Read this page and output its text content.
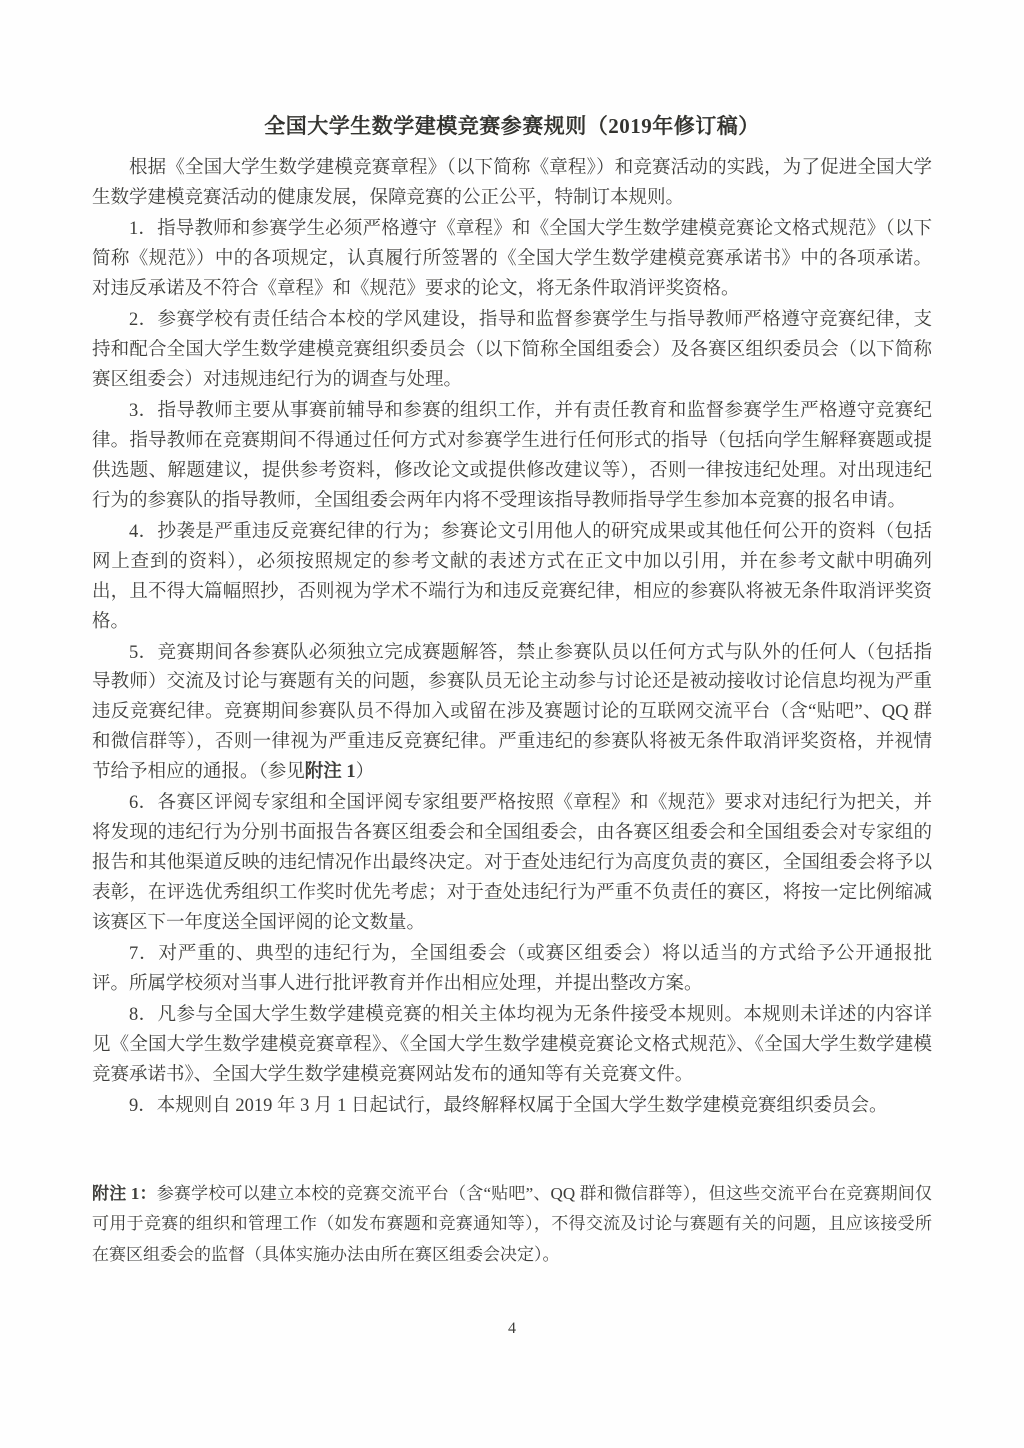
全国大学生数学建模竞赛参赛规则（2019年修订稿）

根据《全国大学生数学建模竞赛章程》（以下简称《章程》）和竞赛活动的实践，为了促进全国大学生数学建模竞赛活动的健康发展，保障竞赛的公正公平，特制订本规则。

1．指导教师和参赛学生必须严格遵守《章程》和《全国大学生数学建模竞赛论文格式规范》（以下简称《规范》）中的各项规定，认真履行所签署的《全国大学生数学建模竞赛承诺书》中的各项承诺。对违反承诺及不符合《章程》和《规范》要求的论文，将无条件取消评奖资格。

2．参赛学校有责任结合本校的学风建设，指导和监督参赛学生与指导教师严格遵守竞赛纪律，支持和配合全国大学生数学建模竞赛组织委员会（以下简称全国组委会）及各赛区组织委员会（以下简称赛区组委会）对违规违纪行为的调查与处理。

3．指导教师主要从事赛前辅导和参赛的组织工作，并有责任教育和监督参赛学生严格遵守竞赛纪律。指导教师在竞赛期间不得通过任何方式对参赛学生进行任何形式的指导（包括向学生解释赛题或提供选题、解题建议，提供参考资料，修改论文或提供修改建议等），否则一律按违纪处理。对出现违纪行为的参赛队的指导教师，全国组委会两年内将不受理该指导教师指导学生参加本竞赛的报名申请。

4．抄袭是严重违反竞赛纪律的行为；参赛论文引用他人的研究成果或其他任何公开的资料（包括网上查到的资料），必须按照规定的参考文献的表述方式在正文中加以引用，并在参考文献中明确列出，且不得大篇幅照抄，否则视为学术不端行为和违反竞赛纪律，相应的参赛队将被无条件取消评奖资格。

5．竞赛期间各参赛队必须独立完成赛题解答，禁止参赛队员以任何方式与队外的任何人（包括指导教师）交流及讨论与赛题有关的问题，参赛队员无论主动参与讨论还是被动接收讨论信息均视为严重违反竞赛纪律。竞赛期间参赛队员不得加入或留在涉及赛题讨论的互联网交流平台（含“贴吧”、QQ 群和微信群等），否则一律视为严重违反竞赛纪律。严重违纪的参赛队将被无条件取消评奖资格，并视情节给予相应的通报。（参见附注 1）

6．各赛区评阅专家组和全国评阅专家组要严格按照《章程》和《规范》要求对违纪行为把关，并将发现的违纪行为分别书面报告各赛区组委会和全国组委会，由各赛区组委会和全国组委会对专家组的报告和其他渠道反映的违纪情况作出最终决定。对于查处违纪行为高度负责的赛区，全国组委会将予以表彰，在评选优秀组织工作奖时优先考虑；对于查处违纪行为严重不负责任的赛区，将按一定比例缩减该赛区下一年度送全国评阅的论文数量。

7．对严重的、典型的违纪行为，全国组委会（或赛区组委会）将以适当的方式给予公开通报批评。所属学校须对当事人进行批评教育并作出相应处理，并提出整改方案。

8．凡参与全国大学生数学建模竞赛的相关主体均视为无条件接受本规则。本规则未详述的内容详见《全国大学生数学建模竞赛章程》、《全国大学生数学建模竞赛论文格式规范》、《全国大学生数学建模竞赛承诺书》、全国大学生数学建模竞赛网站发布的通知等有关竞赛文件。

9．本规则自 2019 年 3 月 1 日起试行，最终解释权属于全国大学生数学建模竞赛组织委员会。

附注 1：参赛学校可以建立本校的竞赛交流平台（含“贴吧”、QQ 群和微信群等），但这些交流平台在竞赛期间仅可用于竞赛的组织和管理工作（如发布赛题和竞赛通知等），不得交流及讨论与赛题有关的问题，且应该接受所在赛区组委会的监督（具体实施办法由所在赛区组委会决定）。

4
